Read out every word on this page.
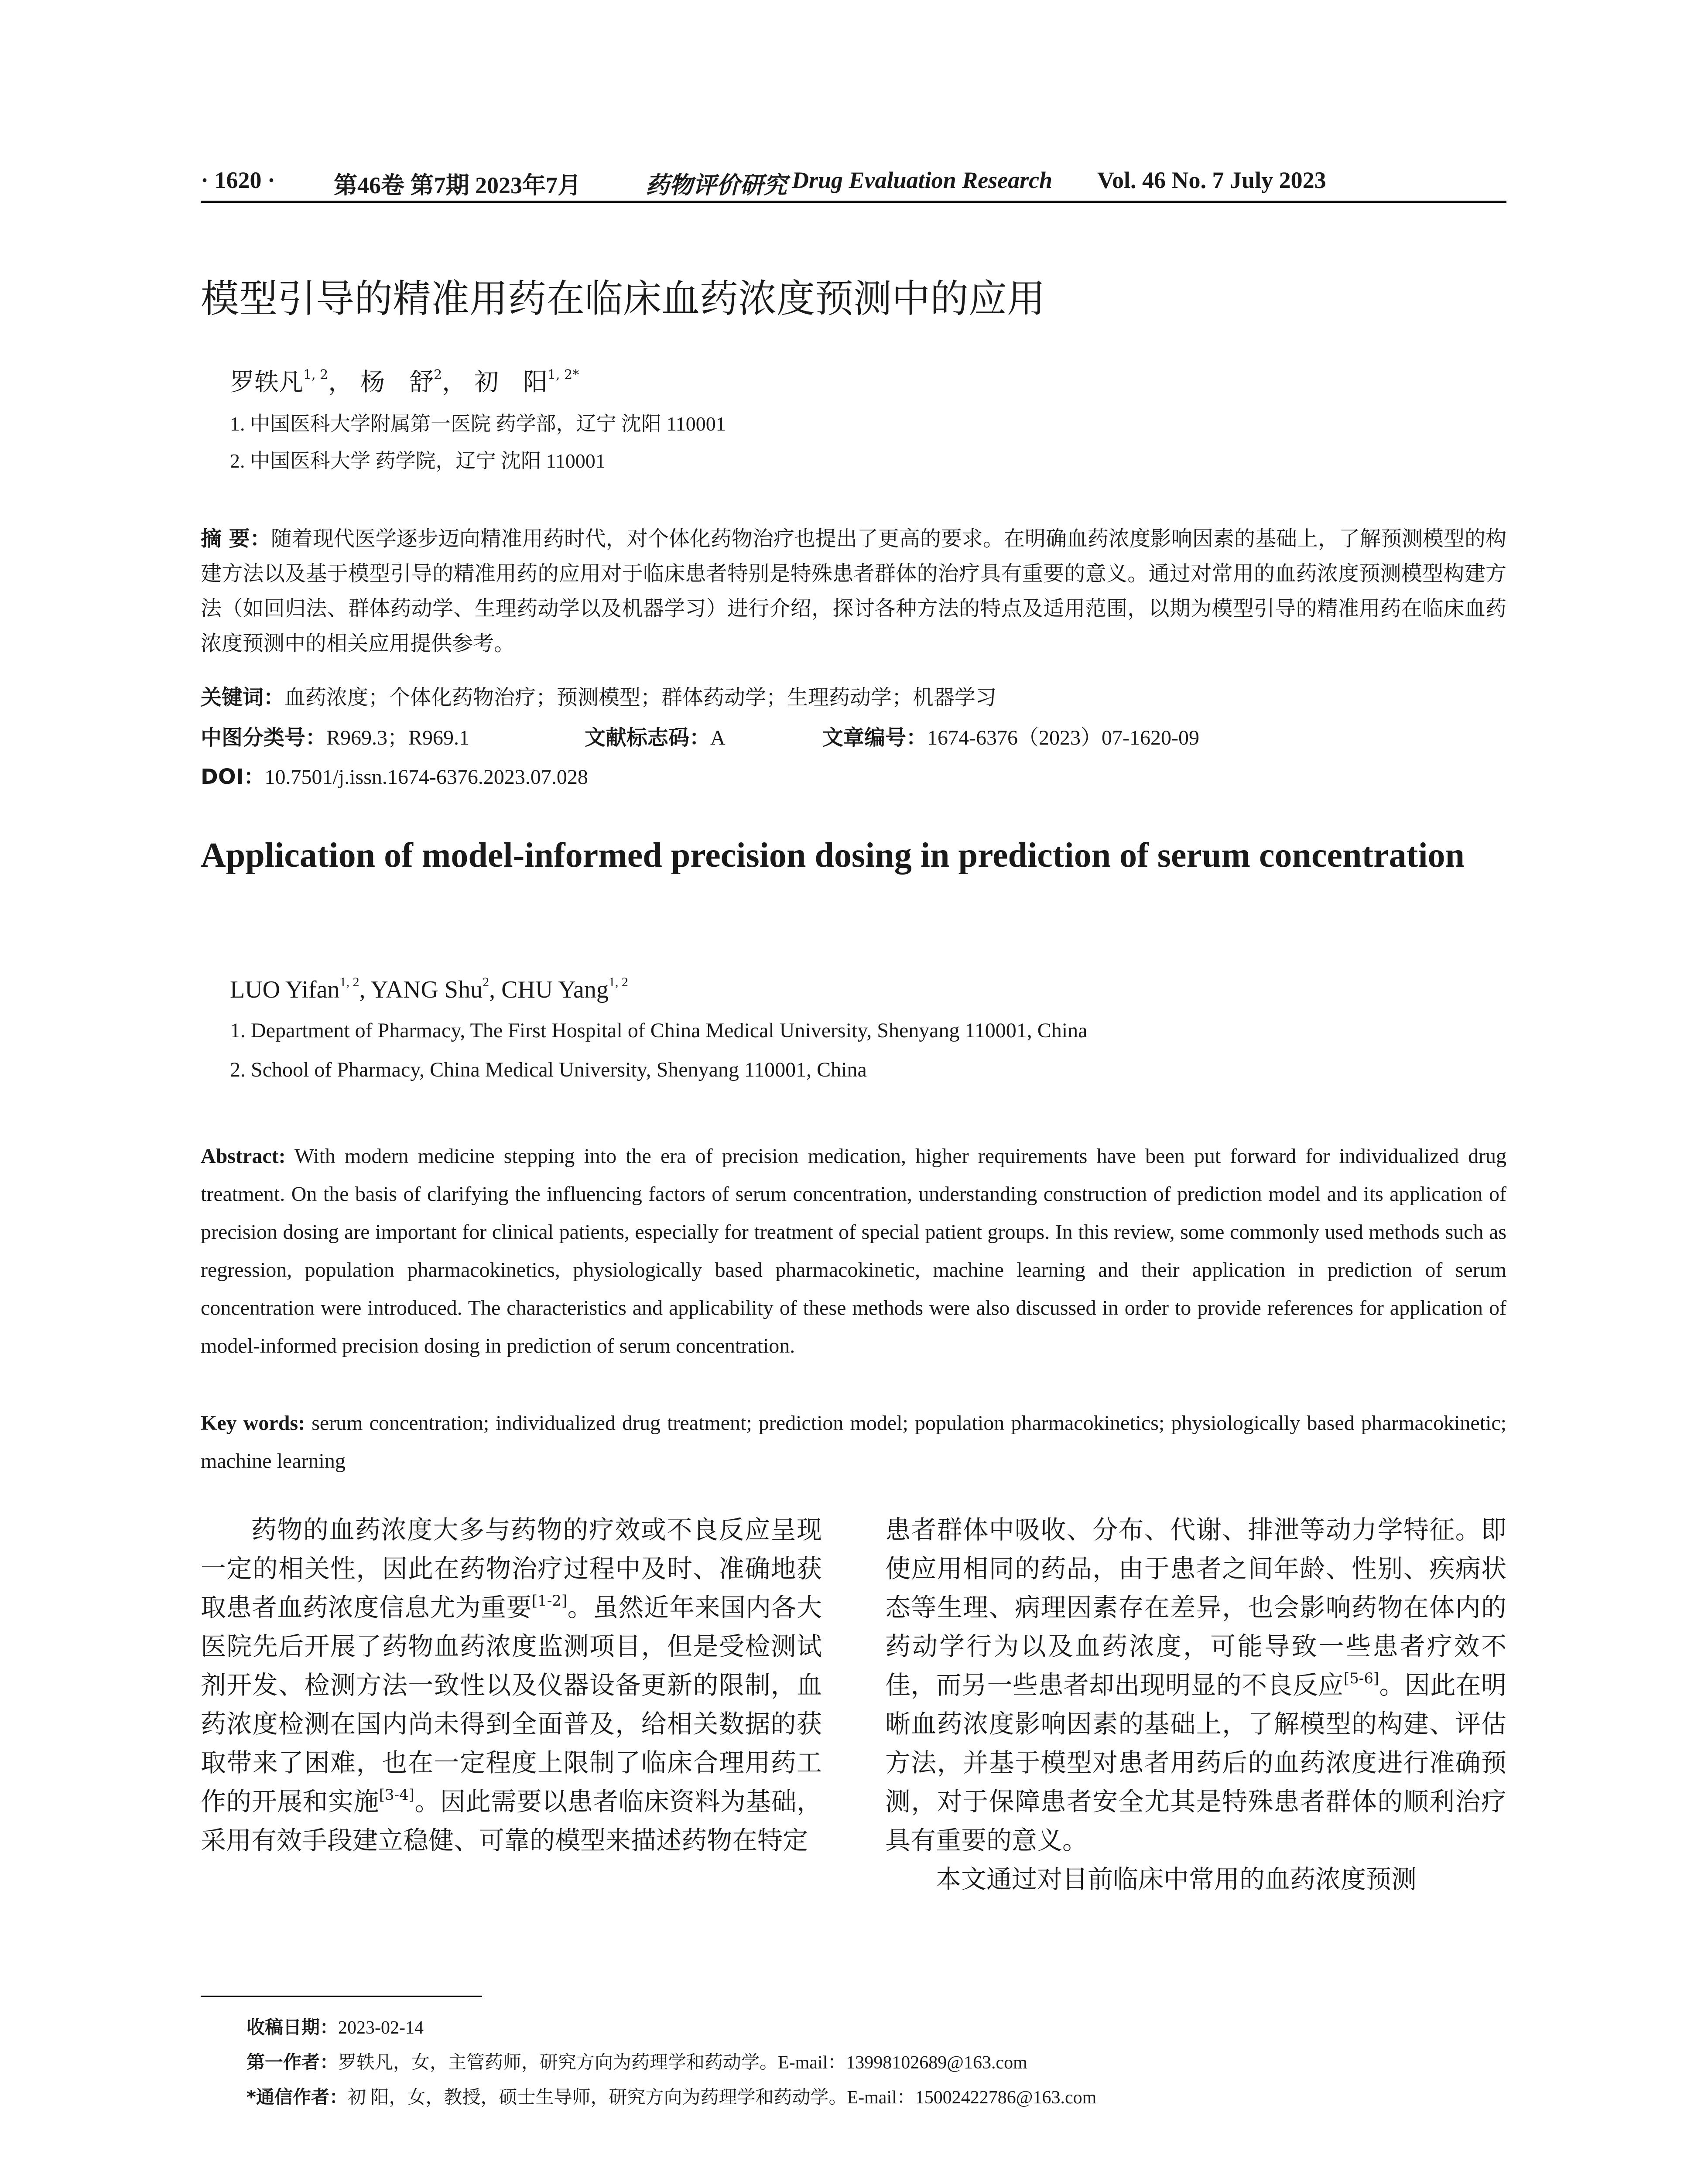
· 1620 · 第46卷 第7期 2023年7月	药物评价研究 Drug Evaluation Research Vol. 46 No. 7 July 2023
模型引导的精准用药在临床血药浓度预测中的应用
罗轶凡$^{1, 2}$， 杨　舒$^2$， 初　阳$^{1, 2*}$
1. 中国医科大学附属第一医院 药学部，辽宁 沈阳 110001
2. 中国医科大学 药学院，辽宁 沈阳 110001
摘 要：随着现代医学逐步迈向精准用药时代，对个体化药物治疗也提出了更高的要求。在明确血药浓度影响因素的基础上，了解预测模型的构建方法以及基于模型引导的精准用药的应用对于临床患者特别是特殊患者群体的治疗具有重要的意义。通过对常用的血药浓度预测模型构建方法（如回归法、群体药动学、生理药动学以及机器学习）进行介绍，探讨各种方法的特点及适用范围，以期为模型引导的精准用药在临床血药浓度预测中的相关应用提供参考。
关键词：血药浓度；个体化药物治疗；预测模型；群体药动学；生理药动学；机器学习
中图分类号：R969.3；R969.1	文献标志码：A	文章编号：1674-6376（2023）07-1620-09
DOI：10.7501/j.issn.1674-6376.2023.07.028
Application of model-informed precision dosing in prediction of serum concentration
LUO Yifan$^{1, 2}$, YANG Shu$^2$, CHU Yang$^{1, 2}$
1. Department of Pharmacy, The First Hospital of China Medical University, Shenyang 110001, China
2. School of Pharmacy, China Medical University, Shenyang 110001, China
Abstract: With modern medicine stepping into the era of precision medication, higher requirements have been put forward for individualized drug treatment. On the basis of clarifying the influencing factors of serum concentration, understanding construction of prediction model and its application of precision dosing are important for clinical patients, especially for treatment of special patient groups. In this review, some commonly used methods such as regression, population pharmacokinetics, physiologically based pharmacokinetic, machine learning and their application in prediction of serum concentration were introduced. The characteristics and applicability of these methods were also discussed in order to provide references for application of model-informed precision dosing in prediction of serum concentration.
Key words: serum concentration; individualized drug treatment; prediction model; population pharmacokinetics; physiologically based pharmacokinetic; machine learning

药物的血药浓度大多与药物的疗效或不良反应呈现一定的相关性，因此在药物治疗过程中及时、准确地获取患者血药浓度信息尤为重要[1-2]。虽然近年来国内各大医院先后开展了药物血药浓度监测项目，但是受检测试剂开发、检测方法一致性以及仪器设备更新的限制，血药浓度检测在国内尚未得到全面普及，给相关数据的获取带来了困难，也在一定程度上限制了临床合理用药工作的开展和实施[3-4]。因此需要以患者临床资料为基础，采用有效手段建立稳健、可靠的模型来描述药物在特定

患者群体中吸收、分布、代谢、排泄等动力学特征。即使应用相同的药品，由于患者之间年龄、性别、疾病状态等生理、病理因素存在差异，也会影响药物在体内的药动学行为以及血药浓度，可能导致一些患者疗效不佳，而另一些患者却出现明显的不良反应[5-6]。因此在明晰血药浓度影响因素的基础上，了解模型的构建、评估方法，并基于模型对患者用药后的血药浓度进行准确预测，对于保障患者安全尤其是特殊患者群体的顺利治疗具有重要的意义。

本文通过对目前临床中常用的血药浓度预测

收稿日期：2023-02-14
第一作者：罗轶凡，女，主管药师，研究方向为药理学和药动学。E-mail：13998102689@163.com
*通信作者：初 阳，女，教授，硕士生导师，研究方向为药理学和药动学。E-mail：15002422786@163.com
